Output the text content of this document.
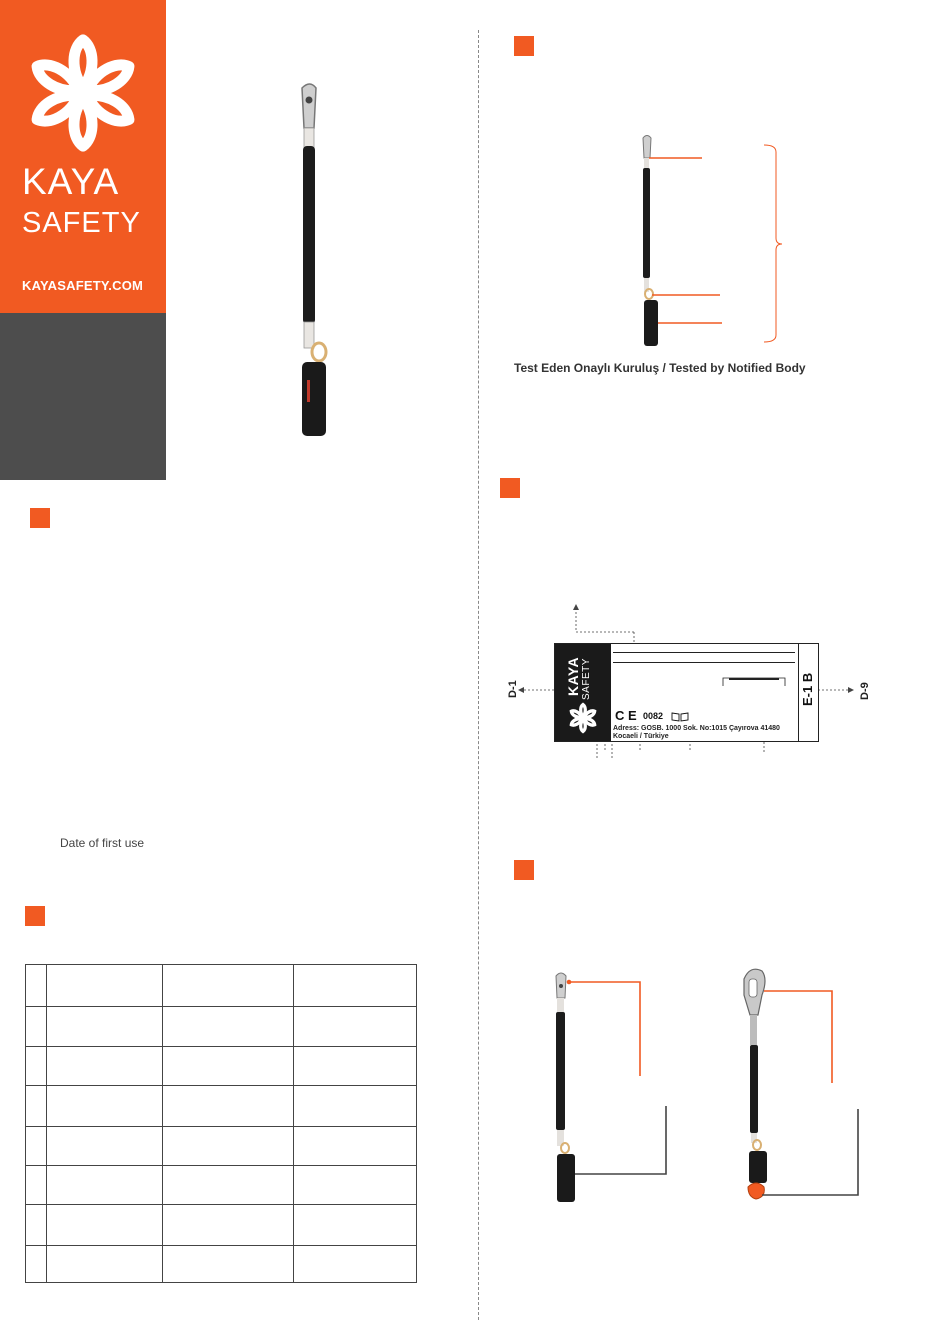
KAYA
SAFETY
KAYASAFETY.COM
Date of first use

Test Eden Onaylı Kuruluş / Tested by Notified Body
KAYA SAFETY	E-1 B
C E 0082
Adress: GOSB. 1000 Sok. No:1015 Çayırova 41480
Kocaeli / Türkiye
D-1	D-9
